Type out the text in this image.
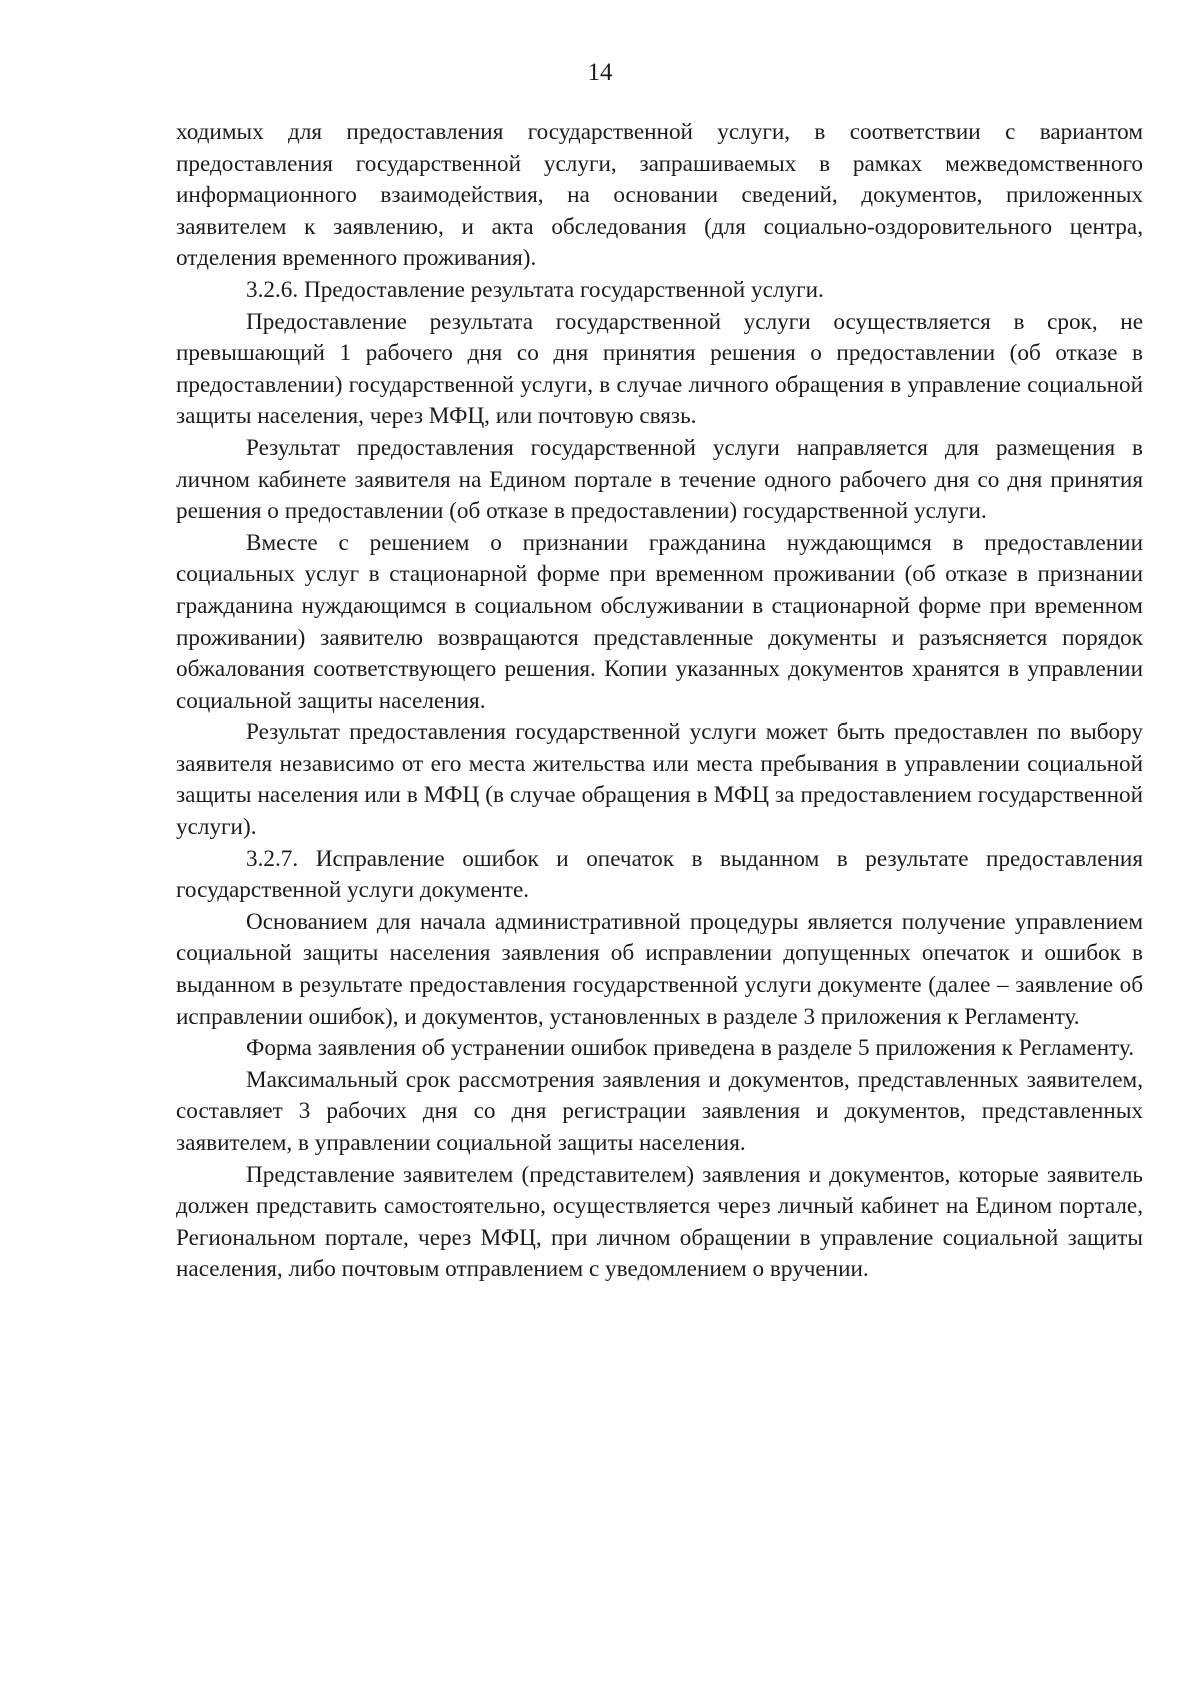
14

ходимых для предоставления государственной услуги, в соответствии с вариантом предоставления государственной услуги, запрашиваемых в рамках межведомственного информационного взаимодействия, на основании сведений, документов, приложенных заявителем к заявлению, и акта обследования (для социально-оздоровительного центра, отделения временного проживания).

3.2.6. Предоставление результата государственной услуги.

Предоставление результата государственной услуги осуществляется в срок, не превышающий 1 рабочего дня со дня принятия решения о предоставлении (об отказе в предоставлении) государственной услуги, в случае личного обращения в управление социальной защиты населения, через МФЦ, или почтовую связь.

Результат предоставления государственной услуги направляется для размещения в личном кабинете заявителя на Едином портале в течение одного рабочего дня со дня принятия решения о предоставлении (об отказе в предоставлении) государственной услуги.

Вместе с решением о признании гражданина нуждающимся в предоставлении социальных услуг в стационарной форме при временном проживании (об отказе в признании гражданина нуждающимся в социальном обслуживании в стационарной форме при временном проживании) заявителю возвращаются представленные документы и разъясняется порядок обжалования соответствующего решения. Копии указанных документов хранятся в управлении социальной защиты населения.

Результат предоставления государственной услуги может быть предоставлен по выбору заявителя независимо от его места жительства или места пребывания в управлении социальной защиты населения или в МФЦ (в случае обращения в МФЦ за предоставлением государственной услуги).

3.2.7. Исправление ошибок и опечаток в выданном в результате предоставления государственной услуги документе.

Основанием для начала административной процедуры является получение управлением социальной защиты населения заявления об исправлении допущенных опечаток и ошибок в выданном в результате предоставления государственной услуги документе (далее – заявление об исправлении ошибок), и документов, установленных в разделе 3 приложения к Регламенту.

Форма заявления об устранении ошибок приведена в разделе 5 приложения к Регламенту.

Максимальный срок рассмотрения заявления и документов, представленных заявителем, составляет 3 рабочих дня со дня регистрации заявления и документов, представленных заявителем, в управлении социальной защиты населения.

Представление заявителем (представителем) заявления и документов, которые заявитель должен представить самостоятельно, осуществляется через личный кабинет на Едином портале, Региональном портале, через МФЦ, при личном обращении в управление социальной защиты населения, либо почтовым отправлением с уведомлением о вручении.
